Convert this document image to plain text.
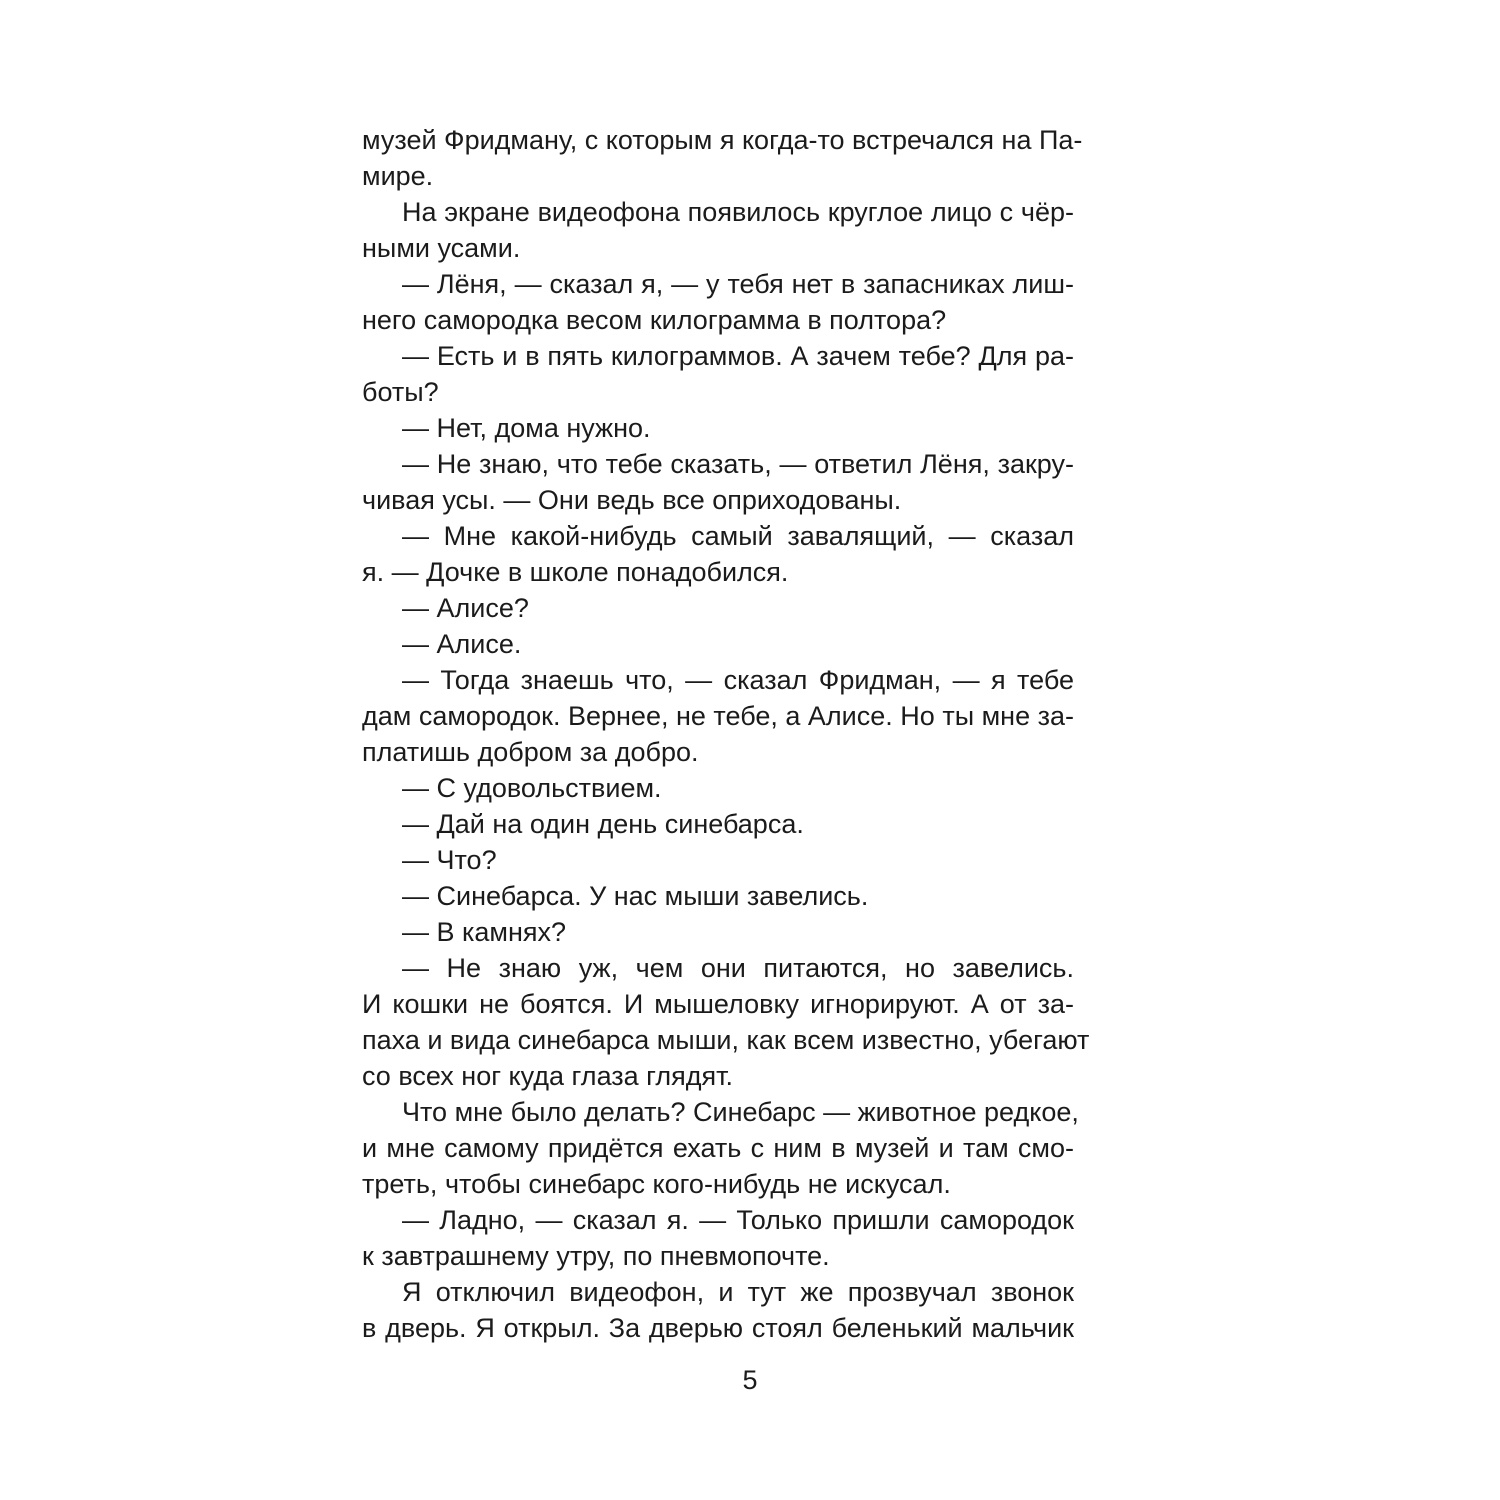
музей Фридману, с которым я когда-то встречался на Па-
мире.
На экране видеофона появилось круглое лицо с чёр-
ными усами.
— Лёня, — сказал я, — у тебя нет в запасниках лиш-
него самородка весом килограмма в полтора?
— Есть и в пять килограммов. А зачем тебе? Для ра-
боты?
— Нет, дома нужно.
— Не знаю, что тебе сказать, — ответил Лёня, закру-
чивая усы. — Они ведь все оприходованы.
— Мне какой-нибудь самый завалящий, — сказал
я. — Дочке в школе понадобился.
— Алисе?
— Алисе.
— Тогда знаешь что, — сказал Фридман, — я тебе
дам самородок. Вернее, не тебе, а Алисе. Но ты мне за-
платишь добром за добро.
— С удовольствием.
— Дай на один день синебарса.
— Что?
— Синебарса. У нас мыши завелись.
— В камнях?
— Не знаю уж, чем они питаются, но завелись.
И кошки не боятся. И мышеловку игнорируют. А от за-
паха и вида синебарса мыши, как всем известно, убегают
со всех ног куда глаза глядят.
Что мне было делать? Синебарс — животное редкое,
и мне самому придётся ехать с ним в музей и там смо-
треть, чтобы синебарс кого-нибудь не искусал.
— Ладно, — сказал я. — Только пришли самородок
к завтрашнему утру, по пневмопочте.
Я отключил видеофон, и тут же прозвучал звонок
в дверь. Я открыл. За дверью стоял беленький мальчик
5
